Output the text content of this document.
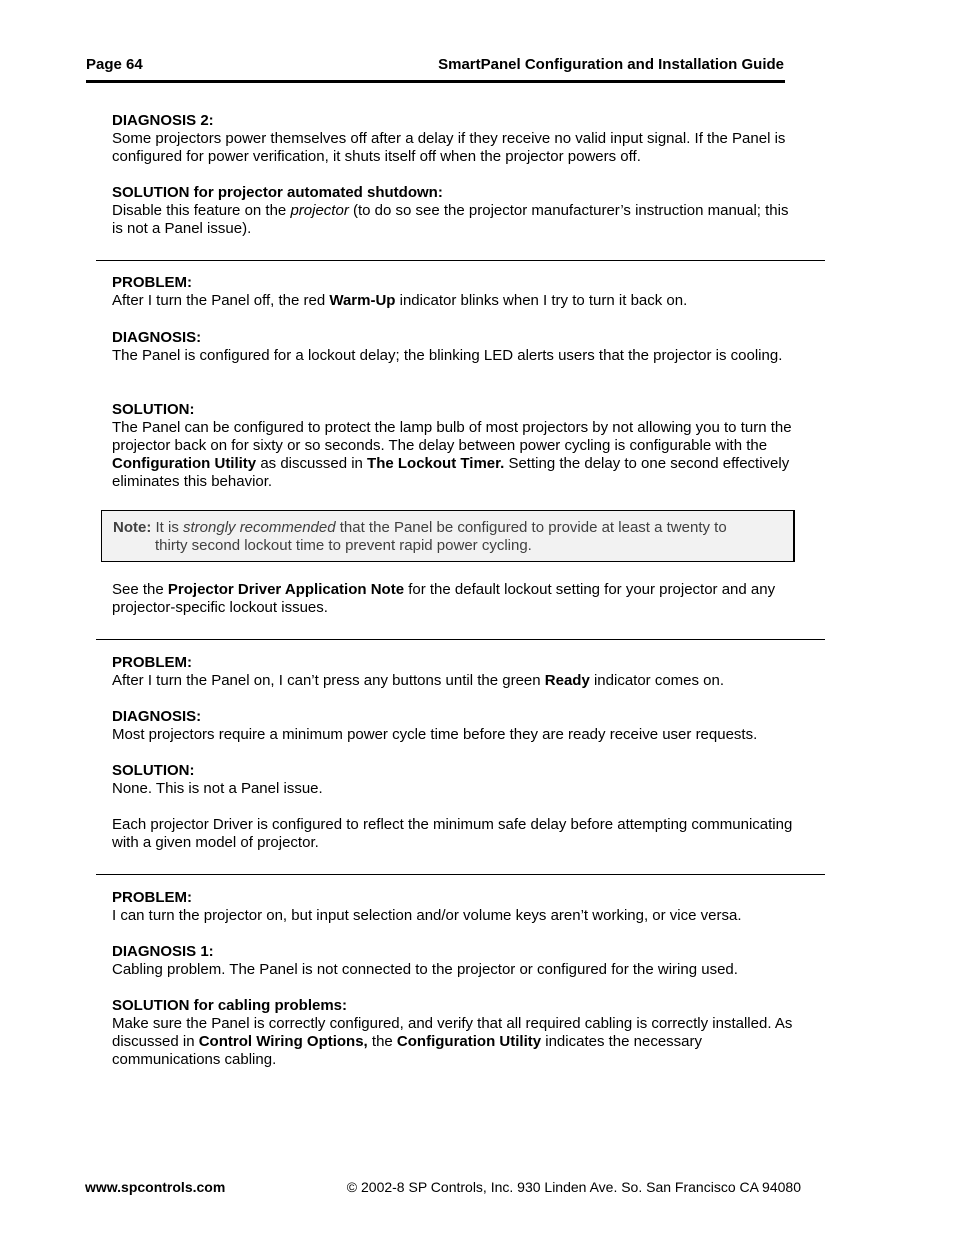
Page 64	SmartPanel Configuration and Installation Guide
DIAGNOSIS 2:

Some projectors power themselves off after a delay if they receive no valid input signal. If the Panel is configured for power verification, it shuts itself off when the projector powers off.

SOLUTION for projector automated shutdown:

Disable this feature on the projector (to do so see the projector manufacturer’s instruction manual; this is not a Panel issue).

PROBLEM:

After I turn the Panel off, the red Warm-Up indicator blinks when I try to turn it back on.

DIAGNOSIS:

The Panel is configured for a lockout delay; the blinking LED alerts users that the projector is cooling.

SOLUTION:

The Panel can be configured to protect the lamp bulb of most projectors by not allowing you to turn the projector back on for sixty or so seconds. The delay between power cycling is configurable with the Configuration Utility as discussed in The Lockout Timer. Setting the delay to one second effectively eliminates this behavior.

Note: It is strongly recommended that the Panel be configured to provide at least a twenty to
thirty second lockout time to prevent rapid power cycling.

See the Projector Driver Application Note for the default lockout setting for your projector and any projector-specific lockout issues.

PROBLEM:

After I turn the Panel on, I can’t press any buttons until the green Ready indicator comes on.

DIAGNOSIS:

Most projectors require a minimum power cycle time before they are ready receive user requests.

SOLUTION:

None. This is not a Panel issue.

Each projector Driver is configured to reflect the minimum safe delay before attempting communicating with a given model of projector.

PROBLEM:

I can turn the projector on, but input selection and/or volume keys aren’t working, or vice versa.

DIAGNOSIS 1:

Cabling problem. The Panel is not connected to the projector or configured for the wiring used.

SOLUTION for cabling problems:

Make sure the Panel is correctly configured, and verify that all required cabling is correctly installed. As discussed in Control Wiring Options, the Configuration Utility indicates the necessary communications cabling.

www.spcontrols.com	© 2002-8 SP Controls, Inc. 930 Linden Ave. So. San Francisco CA 94080
